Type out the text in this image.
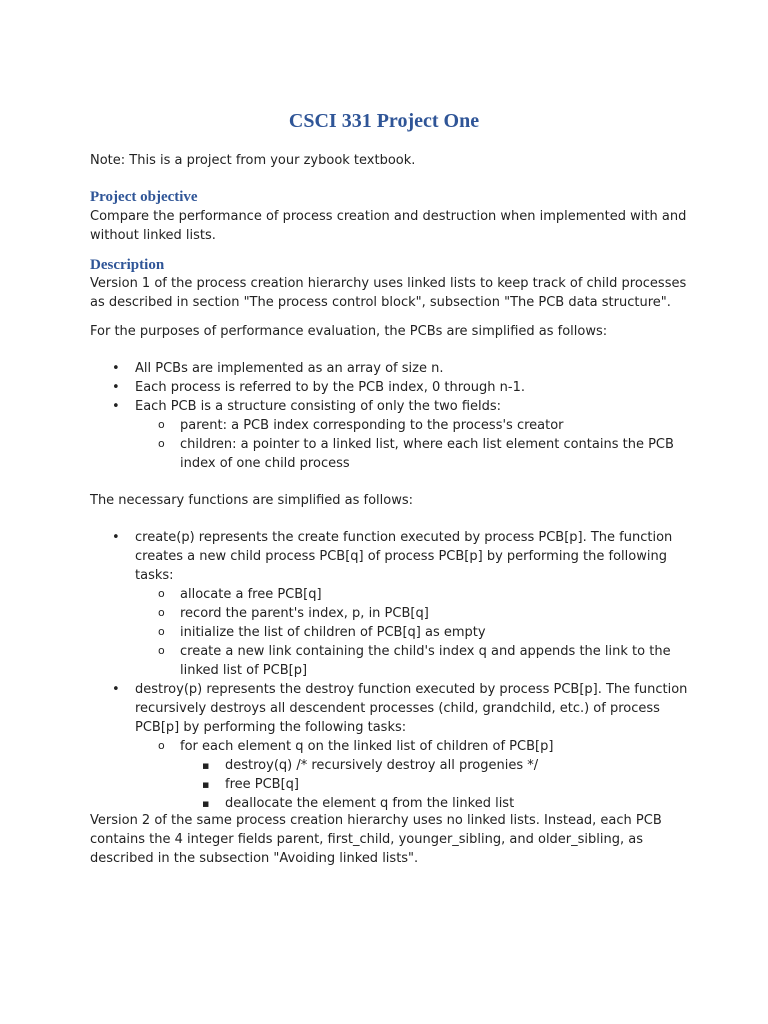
CSCI 331 Project One

Note: This is a project from your zybook textbook.

Project objective

Compare the performance of process creation and destruction when implemented with and without linked lists.

Description

Version 1 of the process creation hierarchy uses linked lists to keep track of child processes as described in section "The process control block", subsection "The PCB data structure".

For the purposes of performance evaluation, the PCBs are simplified as follows:

• All PCBs are implemented as an array of size n.
• Each process is referred to by the PCB index, 0 through n-1.
• Each PCB is a structure consisting of only the two fields:
o parent: a PCB index corresponding to the process's creator
o children: a pointer to a linked list, where each list element contains the PCB index of one child process

The necessary functions are simplified as follows:

• create(p) represents the create function executed by process PCB[p]. The function creates a new child process PCB[q] of process PCB[p] by performing the following tasks:
o allocate a free PCB[q]
o record the parent's index, p, in PCB[q]
o initialize the list of children of PCB[q] as empty
o create a new link containing the child's index q and appends the link to the linked list of PCB[p]
• destroy(p) represents the destroy function executed by process PCB[p]. The function recursively destroys all descendent processes (child, grandchild, etc.) of process PCB[p] by performing the following tasks:
o for each element q on the linked list of children of PCB[p]
▪ destroy(q) /* recursively destroy all progenies */
▪ free PCB[q]
▪ deallocate the element q from the linked list

Version 2 of the same process creation hierarchy uses no linked lists. Instead, each PCB contains the 4 integer fields parent, first_child, younger_sibling, and older_sibling, as described in the subsection "Avoiding linked lists".
